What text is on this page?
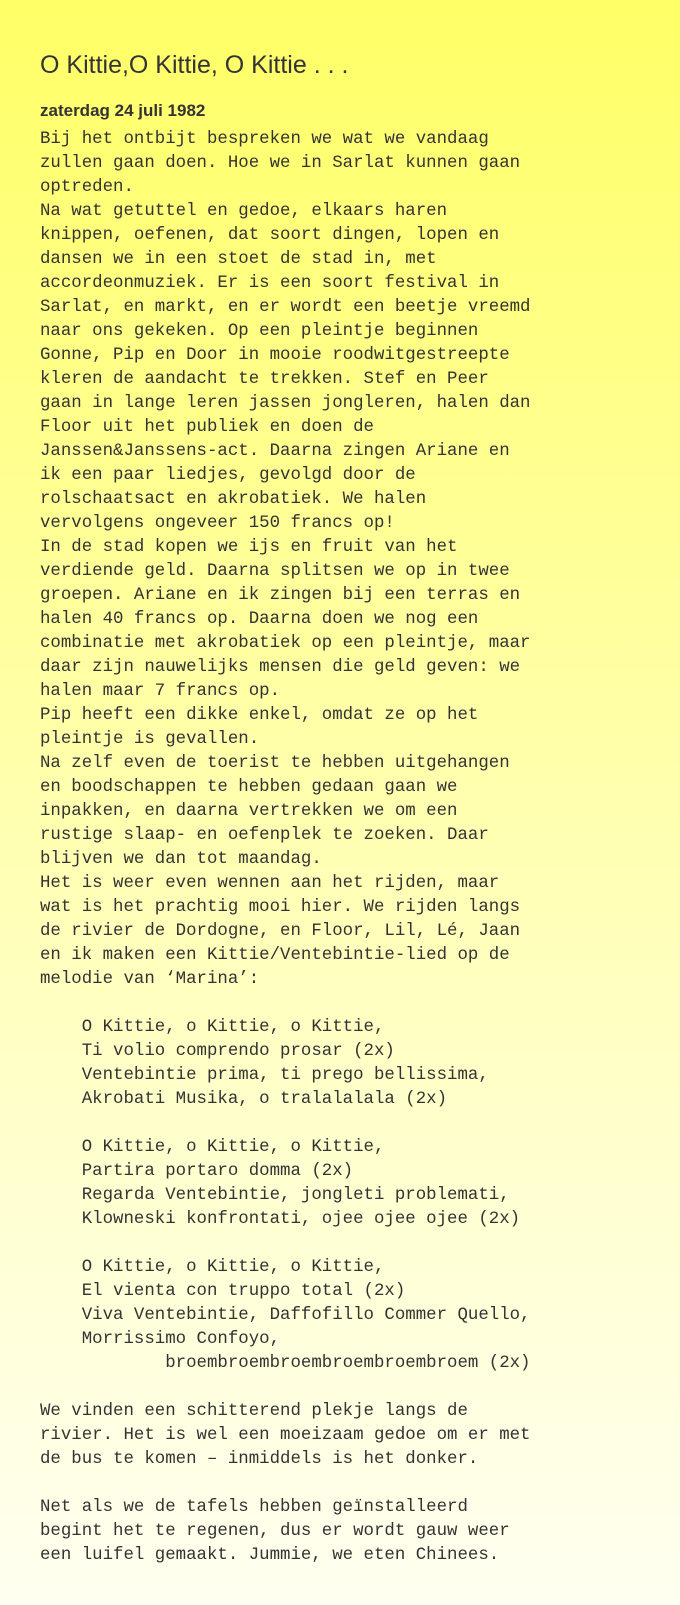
O Kittie,O Kittie, O Kittie . . .
zaterdag 24 juli 1982
Bij het ontbijt bespreken we wat we vandaag
zullen gaan doen. Hoe we in Sarlat kunnen gaan
optreden.
Na wat getuttel en gedoe, elkaars haren
knippen, oefenen, dat soort dingen, lopen en
dansen we in een stoet de stad in, met
accordeonmuziek. Er is een soort festival in
Sarlat, en markt, en er wordt een beetje vreemd
naar ons gekeken. Op een pleintje beginnen
Gonne, Pip en Door in mooie roodwitgestreepte
kleren de aandacht te trekken. Stef en Peer
gaan in lange leren jassen jongleren, halen dan
Floor uit het publiek en doen de
Janssen&Janssens-act. Daarna zingen Ariane en
ik een paar liedjes, gevolgd door de
rolschaatsact en akrobatiek. We halen
vervolgens ongeveer 150 francs op!
In de stad kopen we ijs en fruit van het
verdiende geld. Daarna splitsen we op in twee
groepen. Ariane en ik zingen bij een terras en
halen 40 francs op. Daarna doen we nog een
combinatie met akrobatiek op een pleintje, maar
daar zijn nauwelijks mensen die geld geven: we
halen maar 7 francs op.
Pip heeft een dikke enkel, omdat ze op het
pleintje is gevallen.
Na zelf even de toerist te hebben uitgehangen
en boodschappen te hebben gedaan gaan we
inpakken, en daarna vertrekken we om een
rustige slaap- en oefenplek te zoeken. Daar
blijven we dan tot maandag.
Het is weer even wennen aan het rijden, maar
wat is het prachtig mooi hier. We rijden langs
de rivier de Dordogne, en Floor, Lil, Lé, Jaan
en ik maken een Kittie/Ventebintie-lied op de
melodie van ‘Marina’:
O Kittie, o Kittie, o Kittie,
Ti volio comprendo prosar (2x)
Ventebintie prima, ti prego bellissima,
Akrobati Musika, o tralalalala (2x)
O Kittie, o Kittie, o Kittie,
Partira portaro domma (2x)
Regarda Ventebintie, jongleti problemati,
Klowneski konfrontati, ojee ojee ojee (2x)
O Kittie, o Kittie, o Kittie,
El vienta con truppo total (2x)
Viva Ventebintie, Daffofillo Commer Quello,
Morrissimo Confoyo,
broembroembroembroembroembroem (2x)
We vinden een schitterend plekje langs de
rivier. Het is wel een moeizaam gedoe om er met
de bus te komen – inmiddels is het donker.
Net als we de tafels hebben geïnstalleerd
begint het te regenen, dus er wordt gauw weer
een luifel gemaakt. Jummie, we eten Chinees.
